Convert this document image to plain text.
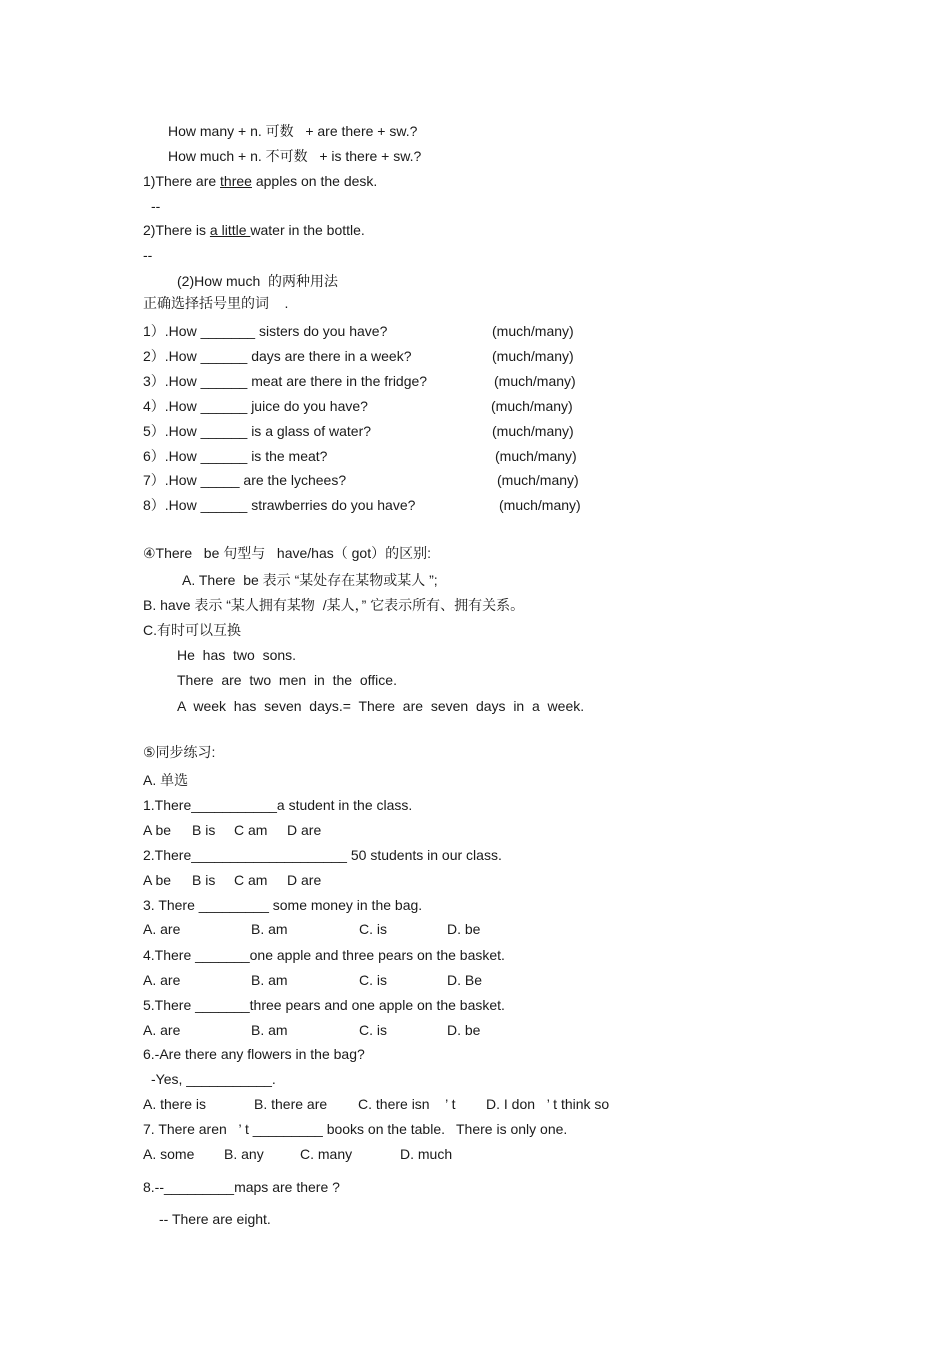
How many + n. 可数   + are there + sw.?
How much + n. 不可数   + is there + sw.?
1)There are three apples on the desk.
--
2)There is a little water in the bottle.
--
(2)How much  的两种用法
正确选择括号里的词    .
1）.How _______ sisters do you have?	(much/many)
2）.How ______ days are there in a week?	(much/many)
3）.How ______ meat are there in the fridge?	(much/many)
4）.How ______ juice do you have?	(much/many)
5）.How ______ is a glass of water?	(much/many)
6）.How ______ is the meat?	(much/many)
7）.How _____ are the lychees?	(much/many)
8）.How ______ strawberries do you have?	(much/many)
④There   be 句型与   have/has（ got）的区别:
A. There  be 表示 “某处存在某物或某人 ”;
B. have 表示 “某人拥有某物  /某人，” 它表示所有、拥有关系。
C.有时可以互换
He  has  two  sons.
There  are  two  men  in  the  office.
A  week  has  seven  days.=  There  are  seven  days  in  a  week.
⑤同步练习:
A. 单选
1.There___________a student in the class.
A be B is C am D are
2.There____________________ 50 students in our class.
A be B is C am D are
3. There _________ some money in the bag.
A. are	B. am	C. is	D. be
4.There _______one apple and three pears on the basket.
A. are	B. am	C. is	D. Be
5.There _______three pears and one apple on the basket.
A. are	B. am	C. is	D. be
6.-Are there any flowers in the bag?
-Yes, ___________.
A. there is	B. there are C. there isn    ’ t D. I don   ’ t think so
7. There aren   ’ t _________ books on the table. There is only one.
A. some B. any	C. many	D. much
8.--_________maps are there ?
-- There are eight.
